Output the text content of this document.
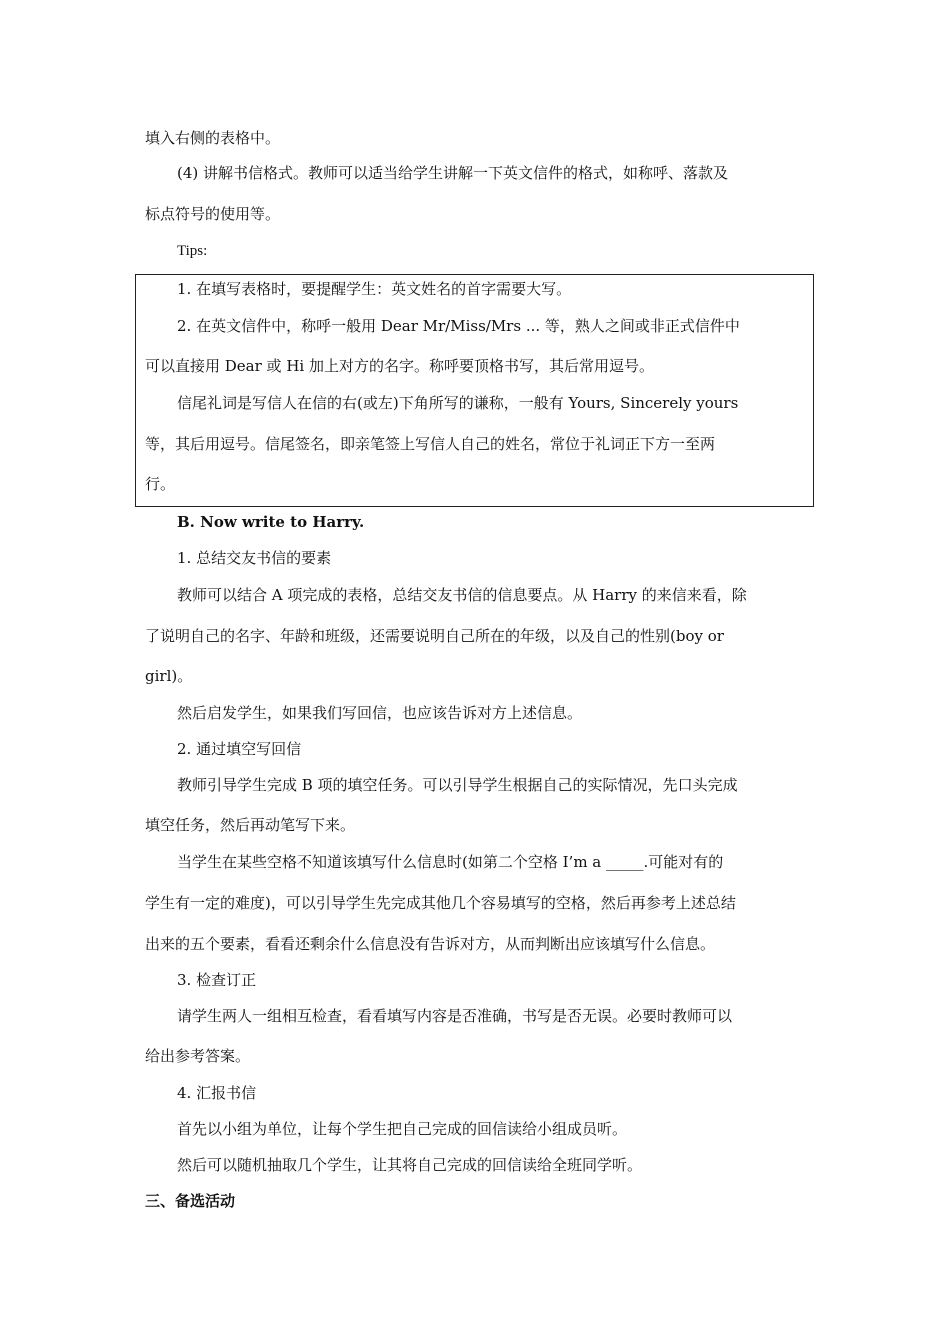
填入右侧的表格中。
(4) 讲解书信格式。教师可以适当给学生讲解一下英文信件的格式，如称呼、落款及
标点符号的使用等。
Tips:
1. 在填写表格时，要提醒学生：英文姓名的首字需要大写。
2. 在英文信件中，称呼一般用 Dear Mr/Miss/Mrs ... 等，熟人之间或非正式信件中
可以直接用 Dear 或 Hi 加上对方的名字。称呼要顶格书写，其后常用逗号。
信尾礼词是写信人在信的右(或左)下角所写的谦称，一般有 Yours, Sincerely yours
等，其后用逗号。信尾签名，即亲笔签上写信人自己的姓名，常位于礼词正下方一至两
行。
B. Now write to Harry.
1. 总结交友书信的要素
教师可以结合 A 项完成的表格，总结交友书信的信息要点。从 Harry 的来信来看，除
了说明自己的名字、年龄和班级，还需要说明自己所在的年级，以及自己的性别(boy or
girl)。
然后启发学生，如果我们写回信，也应该告诉对方上述信息。
2. 通过填空写回信
教师引导学生完成 B 项的填空任务。可以引导学生根据自己的实际情况，先口头完成
填空任务，然后再动笔写下来。
当学生在某些空格不知道该填写什么信息时(如第二个空格 I’m a _____.可能对有的
学生有一定的难度)，可以引导学生先完成其他几个容易填写的空格，然后再参考上述总结
出来的五个要素，看看还剩余什么信息没有告诉对方，从而判断出应该填写什么信息。
3. 检查订正
请学生两人一组相互检查，看看填写内容是否准确，书写是否无误。必要时教师可以
给出参考答案。
4. 汇报书信
首先以小组为单位，让每个学生把自己完成的回信读给小组成员听。
然后可以随机抽取几个学生，让其将自己完成的回信读给全班同学听。
三、备选活动
